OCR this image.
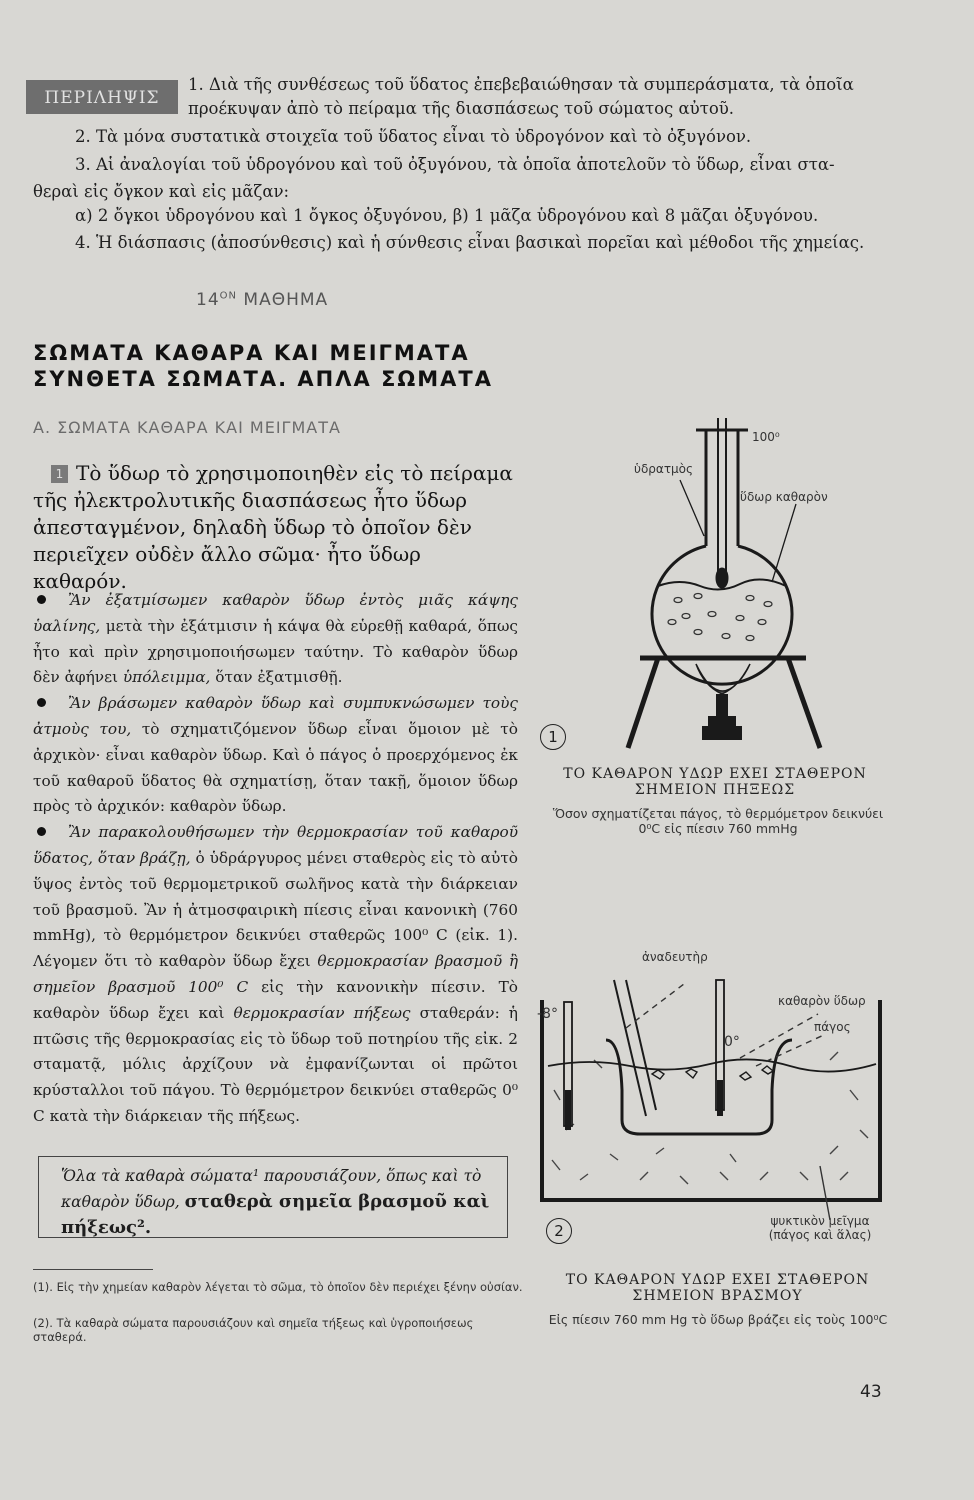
ΠΕΡΙΛΗΨΙΣ
1. Διὰ τῆς συνθέσεως τοῦ ὕδατος ἐπεβεβαιώθησαν τὰ συμπεράσματα, τὰ ὁποῖα
προέκυψαν ἀπὸ τὸ πείραμα τῆς διασπάσεως τοῦ σώματος αὐτοῦ.
2. Τὰ μόνα συστατικὰ στοιχεῖα τοῦ ὕδατος εἶναι τὸ ὑδρογόνον καὶ τὸ ὀξυγόνον.
3. Αἱ ἀναλογίαι τοῦ ὑδρογόνου καὶ τοῦ ὀξυγόνου, τὰ ὁποῖα ἀποτελοῦν τὸ ὕδωρ, εἶναι στα-
θεραὶ εἰς ὄγκον καὶ εἰς μᾶζαν:
α) 2 ὄγκοι ὑδρογόνου καὶ 1 ὄγκος ὀξυγόνου, β) 1 μᾶζα ὑδρογόνου καὶ 8 μᾶζαι ὀξυγόνου.
4. Ἡ διάσπασις (ἀποσύνθεσις) καὶ ἡ σύνθεσις εἶναι βασικαὶ πορεῖαι καὶ μέθοδοι τῆς χημείας.
$14^{ON}$ ΜΑΘΗΜΑ
ΣΩΜΑΤΑ ΚΑΘΑΡΑ ΚΑΙ ΜΕΙΓΜΑΤΑ
ΣΥΝΘΕΤΑ ΣΩΜΑΤΑ. ΑΠΛΑ ΣΩΜΑΤΑ
Α. ΣΩΜΑΤΑ ΚΑΘΑΡΑ ΚΑΙ ΜΕΙΓΜΑΤΑ
1 Τὸ ὕδωρ τὸ χρησιμοποιηθὲν εἰς τὸ πείραμα τῆς ἠλεκτρολυτικῆς διασπάσεως ἦτο ὕδωρ ἀπεσταγμένον, δηλαδὴ ὕδωρ τὸ ὁποῖον δὲν περιεῖχεν οὐδὲν ἄλλο σῶμα· ἦτο ὕδωρ καθαρόν.

Ἂν ἐξατμίσωμεν καθαρὸν ὕδωρ ἐντὸς μιᾶς κάψης ὑαλίνης, μετὰ τὴν ἐξάτμισιν ἡ κάψα θὰ εὑρεθῇ καθαρά, ὅπως ἦτο καὶ πρὶν χρησιμοποιήσωμεν ταύτην. Τὸ καθαρὸν ὕδωρ δὲν ἀφήνει ὑπόλειμμα, ὅταν ἐξατμισθῇ.

Ἂν βράσωμεν καθαρὸν ὕδωρ καὶ συμπυκνώσωμεν τοὺς ἀτμοὺς του, τὸ σχηματιζόμενον ὕδωρ εἶναι ὅμοιον μὲ τὸ ἀρχικὸν· εἶναι καθαρὸν ὕδωρ. Καὶ ὁ πάγος ὁ προερχόμενος ἐκ τοῦ καθαροῦ ὕδατος θὰ σχηματίσῃ, ὅταν τακῇ, ὅμοιον ὕδωρ πρὸς τὸ ἀρχικόν: καθαρὸν ὕδωρ.

Ἂν παρακολουθήσωμεν τὴν θερμοκρασίαν τοῦ καθαροῦ ὕδατος, ὅταν βράζῃ, ὁ ὑδράργυρος μένει σταθερὸς εἰς τὸ αὐτὸ ὕψος ἐντὸς τοῦ θερμομετρικοῦ σωλῆνος κατὰ τὴν διάρκειαν τοῦ βρασμοῦ. Ἂν ἡ ἀτμοσφαιρικὴ πίεσις εἶναι κανονικὴ (760 mmHg), τὸ θερμόμετρον δεικνύει σταθερῶς 100⁰ C (εἰκ. 1). Λέγομεν ὅτι τὸ καθαρὸν ὕδωρ ἔχει θερμοκρασίαν βρασμοῦ ἢ σημεῖον βρασμοῦ 100⁰ C εἰς τὴν κανονικὴν πίεσιν. Τὸ καθαρὸν ὕδωρ ἔχει καὶ θερμοκρασίαν πήξεως σταθεράν: ἡ πτῶσις τῆς θερμοκρασίας εἰς τὸ ὕδωρ τοῦ ποτηρίου τῆς εἰκ. 2 σταματᾷ, μόλις ἀρχίζουν νὰ ἐμφανίζωνται οἱ πρῶτοι κρύσταλλοι τοῦ πάγου. Τὸ θερμόμετρον δεικνύει σταθερῶς 0⁰ C κατὰ τὴν διάρκειαν τῆς πήξεως.

Ὅλα τὰ καθαρὰ σώματα¹ παρουσιάζουν, ὅπως καὶ τὸ καθαρὸν ὕδωρ, σταθερὰ σημεῖα βρασμοῦ καὶ πήξεως².
(1). Εἰς τὴν χημείαν καθαρὸν λέγεται τὸ σῶμα, τὸ ὁποῖον δὲν περιέχει ξένην οὐσίαν.
(2). Τὰ καθαρὰ σώματα παρουσιάζουν καὶ σημεῖα τήξεως καὶ ὑγροποιήσεως σταθερά.
ὑδρατμὸς
100⁰
ὕδωρ καθαρὸν
1
ΤΟ ΚΑΘΑΡΟΝ ΥΔΩΡ ΕΧΕΙ ΣΤΑΘΕΡΟΝ ΣΗΜΕΙΟΝ ΠΗΞΕΩΣ
Ὅσον σχηματίζεται πάγος, τὸ θερμόμετρον δεικνύει 0⁰C εἰς πίεσιν 760 mmHg
ἀναδευτὴρ
καθαρὸν ὕδωρ
πάγος
-8°
0°
ψυκτικὸν μεῖγμα (πάγος καὶ ἅλας)
2
ΤΟ ΚΑΘΑΡΟΝ ΥΔΩΡ ΕΧΕΙ ΣΤΑΘΕΡΟΝ ΣΗΜΕΙΟΝ ΒΡΑΣΜΟΥ
Εἰς πίεσιν 760 mm Hg τὸ ὕδωρ βράζει εἰς τοὺς 100⁰C
43
